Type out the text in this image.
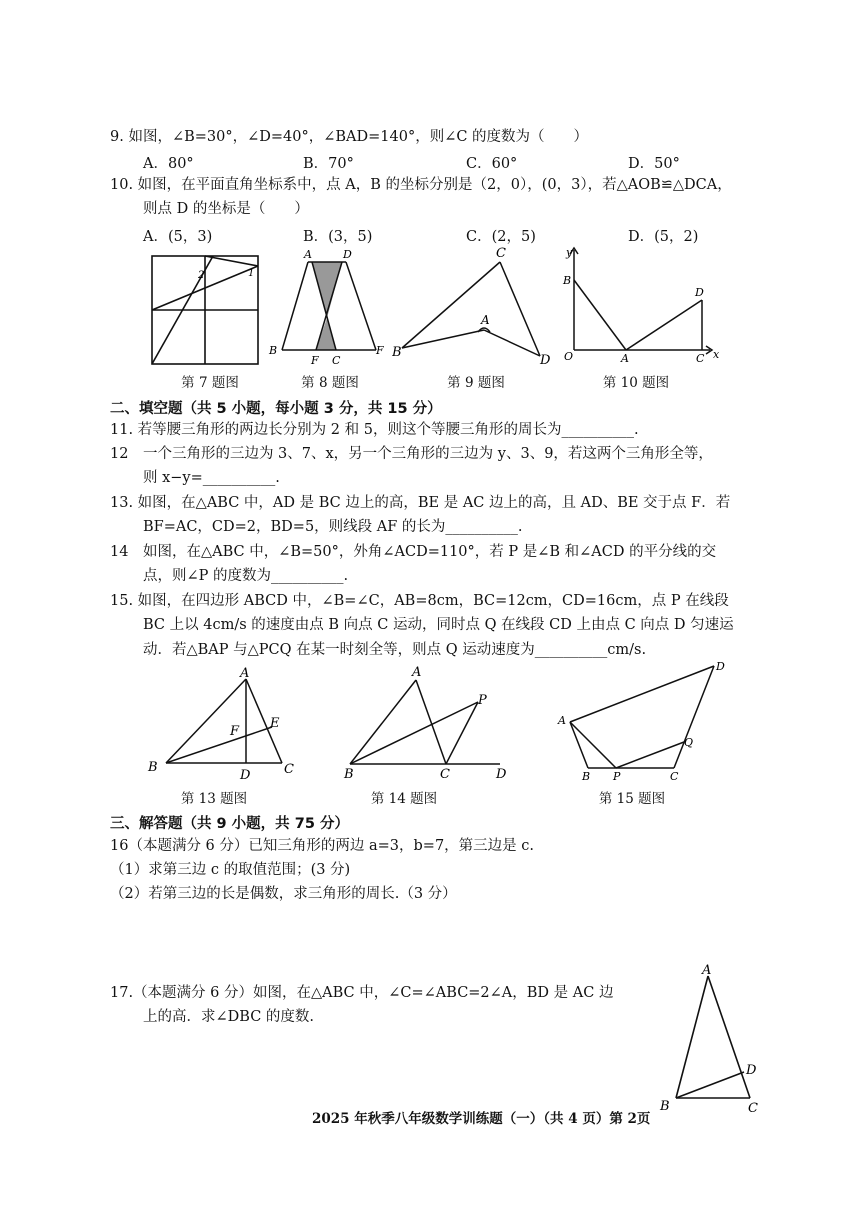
9. 如图，∠B=30°，∠D=40°，∠BAD=140°，则∠C 的度数为（　　）
A．80°	B．70°	C．60°	D．50°
10. 如图，在平面直角坐标系中，点 A，B 的坐标分别是（2，0），(0，3），若△AOB≌△DCA，
则点 D 的坐标是（　　）
A．(5，3)	B．(3，5)	C．(2，5)	D．(5，2)
2	1
第 7 题图
A	D
B
F C
F
第 8 题图
C
A
B
D
第 9 题图
y
B
D
O	A	C x
第 10 题图
二、填空题（共 5 小题，每小题 3 分，共 15 分）
11. 若等腰三角形的两边长分别为 2 和 5，则这个等腰三角形的周长为__________.
12　一个三角形的三边为 3、7、x，另一个三角形的三边为 y、3、9，若这两个三角形全等，
则 x−y=__________.
13. 如图，在△ABC 中，AD 是 BC 边上的高，BE 是 AC 边上的高，且 AD、BE 交于点 F．若
BF=AC，CD=2，BD=5，则线段 AF 的长为__________.
14　如图，在△ABC 中，∠B=50°，外角∠ACD=110°，若 P 是∠B 和∠ACD 的平分线的交
点，则∠P 的度数为__________.
15. 如图，在四边形 ABCD 中，∠B=∠C，AB=8cm，BC=12cm，CD=16cm，点 P 在线段
BC 上以 4cm/s 的速度由点 B 向点 C 运动，同时点 Q 在线段 CD 上由点 C 向点 D 匀速运
动．若△BAP 与△PCQ 在某一时刻全等，则点 Q 运动速度为__________cm/s.
A
F
E
B
D	C
第 13 题图
A
P
B	C	D
第 14 题图
D
A
Q
B P	C
第 15 题图
三、解答题（共 9 小题，共 75 分）
16（本题满分 6 分）已知三角形的两边 a=3，b=7，第三边是 c.
（1）求第三边 c 的取值范围；(3 分)
（2）若第三边的长是偶数，求三角形的周长.（3 分）
17.（本题满分 6 分）如图，在△ABC 中，∠C=∠ABC=2∠A，BD 是 AC 边
上的高．求∠DBC 的度数.
A
D
B	C
2025 年秋季八年级数学训练题（一）（共 4 页）第 2页
